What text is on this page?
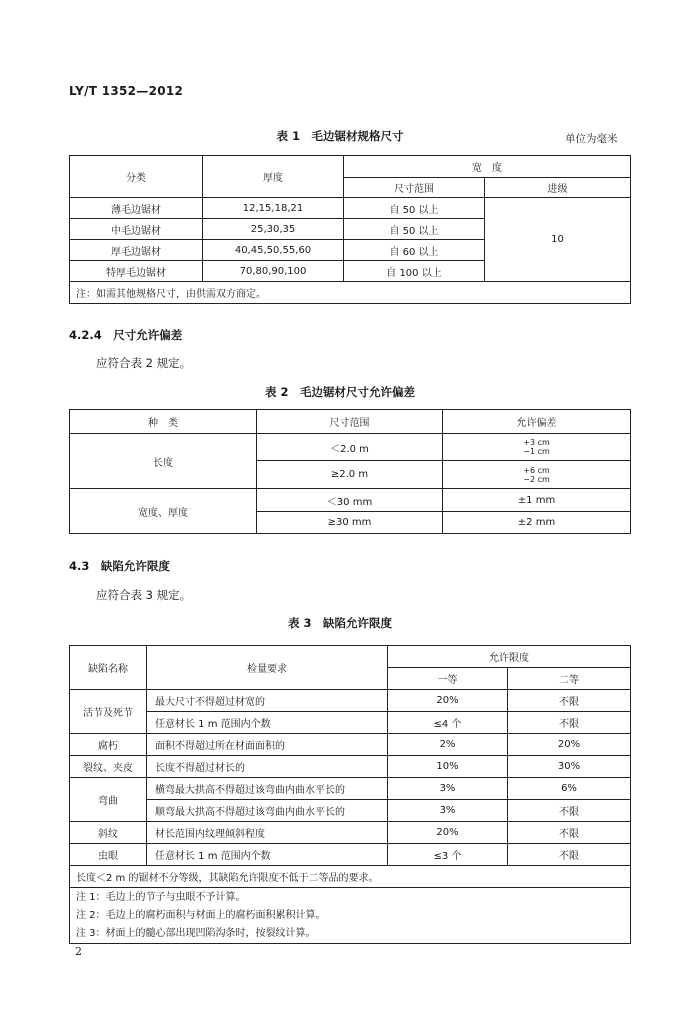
LY/T 1352—2012
表 1　毛边锯材规格尺寸	单位为毫米
分类	厚度	宽　度	
		尺寸范围	进级
薄毛边锯材	12,15,18,21	自 50 以上	10
中毛边锯材	25,30,35	自 50 以上	
厚毛边锯材	40,45,50,55,60	自 60 以上	
特厚毛边锯材	70,80,90,100	自 100 以上	
注：如需其他规格尺寸，由供需双方商定。			
4.2.4　尺寸允许偏差
应符合表 2 规定。
表 2　毛边锯材尺寸允许偏差
种　类	尺寸范围	允许偏差
长度	＜2.0 m	+3 cm
−1 cm

	≥2.0 m	+6 cm
−2 cm

宽度、厚度	＜30 mm	±1 mm
	≥30 mm	±2 mm
4.3　缺陷允许限度
应符合表 3 规定。
表 3　缺陷允许限度
缺陷名称	检量要求	允许限度	
		一等	二等
活节及死节	最大尺寸不得超过材宽的	20%	不限
	任意材长 1 m 范围内个数	≤4 个	不限
腐朽	面积不得超过所在材面面积的	2%	20%
裂纹、夹皮	长度不得超过材长的	10%	30%
弯曲	横弯最大拱高不得超过该弯曲内曲水平长的	3%	6%
	顺弯最大拱高不得超过该弯曲内曲水平长的	3%	不限
斜纹	材长范围内纹理倾斜程度	20%	不限
虫眼	任意材长 1 m 范围内个数	≤3 个	不限
长度＜2 m 的锯材不分等级，其缺陷允许限度不低于二等品的要求。			

注 1：毛边上的节子与虫眼不予计算。
注 2：毛边上的腐朽面积与材面上的腐朽面积累积计算。
注 3：材面上的髓心部出现凹陷沟条时，按裂纹计算。			
2
